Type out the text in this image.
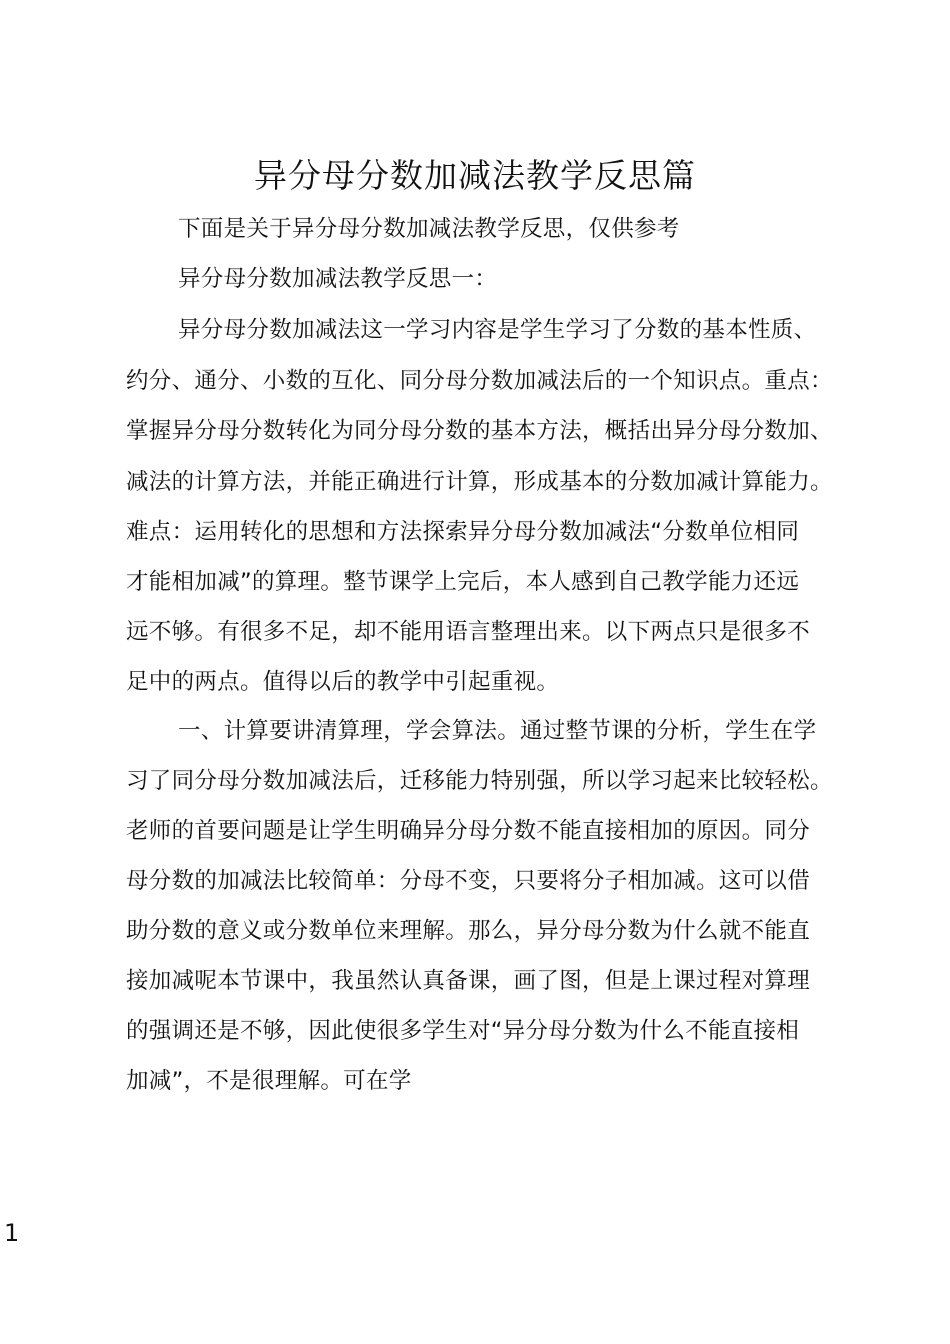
异分母分数加减法教学反思篇
下面是关于异分母分数加减法教学反思，仅供参考
异分母分数加减法教学反思一：
异分母分数加减法这一学习内容是学生学习了分数的基本性质、
约分、通分、小数的互化、同分母分数加减法后的一个知识点。重点：
掌握异分母分数转化为同分母分数的基本方法，概括出异分母分数加、
减法的计算方法，并能正确进行计算，形成基本的分数加减计算能力。
难点：运用转化的思想和方法探索异分母分数加减法“分数单位相同
才能相加减”的算理。整节课学上完后，本人感到自己教学能力还远
远不够。有很多不足，却不能用语言整理出来。以下两点只是很多不
足中的两点。值得以后的教学中引起重视。
一、计算要讲清算理，学会算法。通过整节课的分析，学生在学
习了同分母分数加减法后，迁移能力特别强，所以学习起来比较轻松。
老师的首要问题是让学生明确异分母分数不能直接相加的原因。同分
母分数的加减法比较简单：分母不变，只要将分子相加减。这可以借
助分数的意义或分数单位来理解。那么，异分母分数为什么就不能直
接加减呢本节课中，我虽然认真备课，画了图，但是上课过程对算理
的强调还是不够，因此使很多学生对“异分母分数为什么不能直接相
加减”，不是很理解。可在学
1
